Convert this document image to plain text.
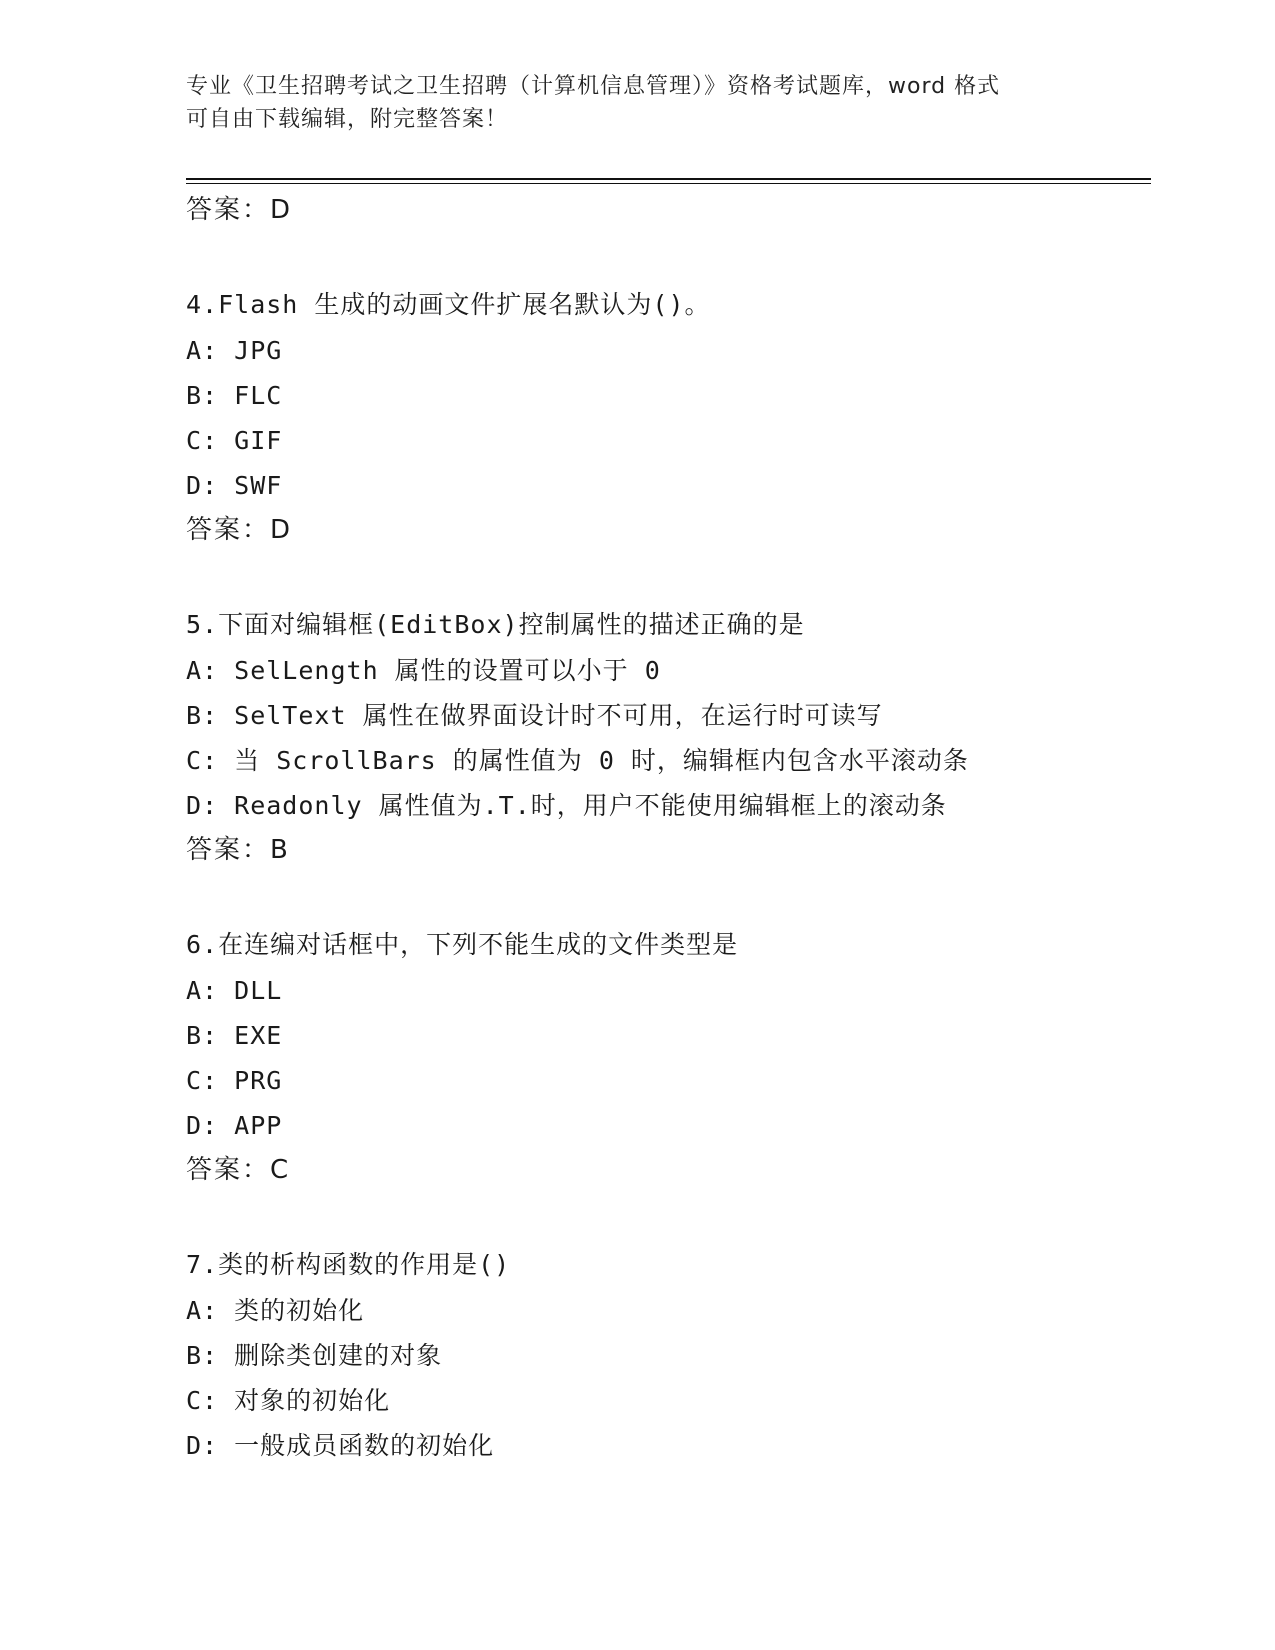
专业《卫生招聘考试之卫生招聘（计算机信息管理）》资格考试题库，word 格式
可自由下载编辑，附完整答案！
答案：D
4.Flash 生成的动画文件扩展名默认为()。
A: JPG
B: FLC
C: GIF
D: SWF
答案：D
5.下面对编辑框(EditBox)控制属性的描述正确的是
A: SelLength 属性的设置可以小于 0
B: SelText 属性在做界面设计时不可用，在运行时可读写
C: 当 ScrollBars 的属性值为 0 时，编辑框内包含水平滚动条
D: Readonly 属性值为.T.时，用户不能使用编辑框上的滚动条
答案：B
6.在连编对话框中，下列不能生成的文件类型是
A: DLL
B: EXE
C: PRG
D: APP
答案：C
7.类的析构函数的作用是()
A: 类的初始化
B: 删除类创建的对象
C: 对象的初始化
D: 一般成员函数的初始化
